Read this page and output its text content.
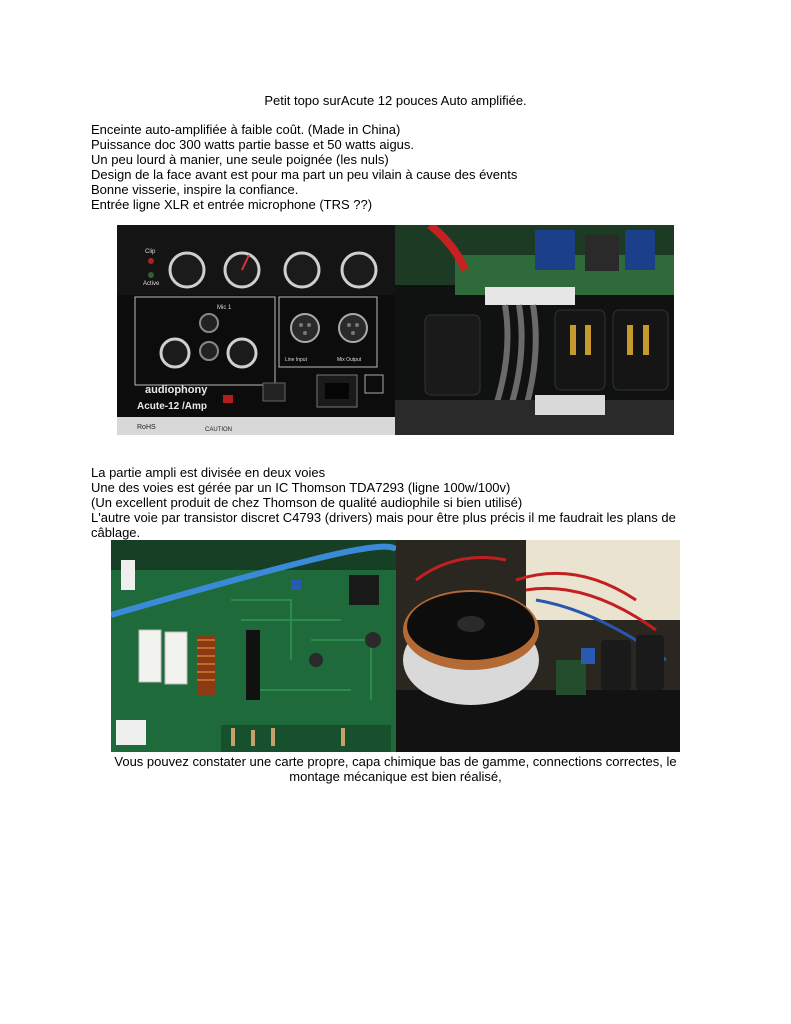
Petit topo surAcute 12 pouces Auto amplifiée.

Enceinte auto-amplifiée à faible coût. (Made in China)

Puissance doc 300 watts partie basse et 50 watts aigus.

Un peu lourd à manier, une seule poignée (les nuls)

Design de la face avant est pour ma part un peu vilain à cause des évents

Bonne visserie, inspire la confiance.

Entrée ligne XLR et entrée microphone (TRS ??)

Clip
Active
Mic 1
Line Input	Mix Output
audiophony
Acute-12 /Amp
RoHS	CAUTION

La partie ampli est divisée en deux voies

Une des voies est gérée par un IC Thomson TDA7293 (ligne 100w/100v)

(Un excellent produit de chez Thomson de qualité audiophile si bien utilisé)

L'autre voie par transistor discret C4793 (drivers) mais pour être plus précis il me faudrait les plans de câblage.

Vous pouvez constater une carte propre, capa chimique bas de gamme, connections correctes, le montage mécanique est bien réalisé,
